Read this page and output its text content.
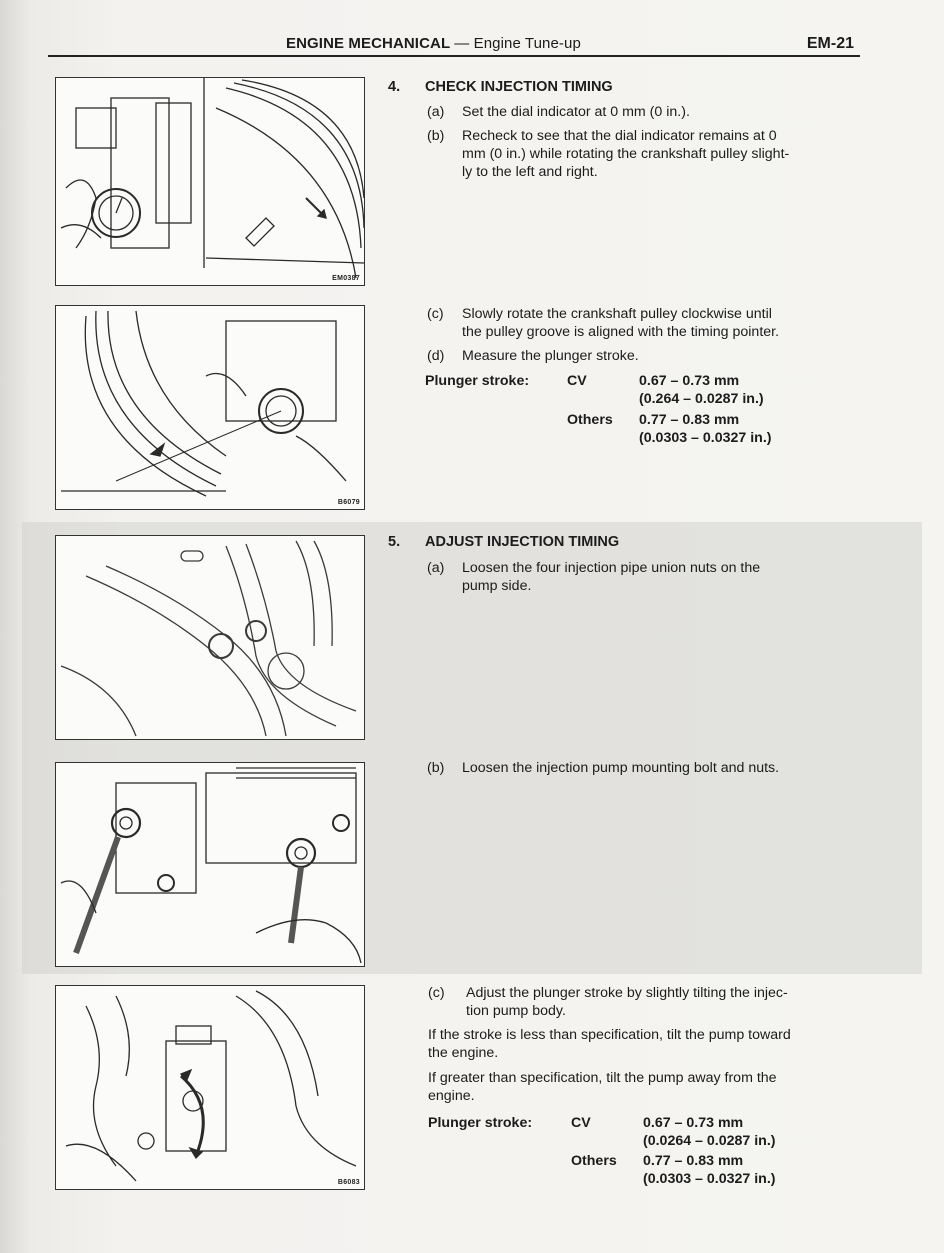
ENGINE MECHANICAL — Engine Tune-up	EM-21
EM0387
B6079
B6083
4. CHECK INJECTION TIMING
(a) Set the dial indicator at 0 mm (0 in.).
(b) Recheck to see that the dial indicator remains at 0
mm (0 in.) while rotating the crankshaft pulley slight-
ly to the left and right.
(c) Slowly rotate the crankshaft pulley clockwise until
the pulley groove is aligned with the timing pointer.
(d) Measure the plunger stroke.
Plunger stroke:	CV	0.67 – 0.73 mm
(0.264 – 0.0287 in.)
Others 0.77 – 0.83 mm
(0.0303 – 0.0327 in.)
5. ADJUST INJECTION TIMING
(a) Loosen the four injection pipe union nuts on the
pump side.
(b) Loosen the injection pump mounting bolt and nuts.
(c) Adjust the plunger stroke by slightly tilting the injec-
tion pump body.
If the stroke is less than specification, tilt the pump toward
the engine.
If greater than specification, tilt the pump away from the
engine.
Plunger stroke:	CV	0.67 – 0.73 mm
(0.0264 – 0.0287 in.)
Others 0.77 – 0.83 mm
(0.0303 – 0.0327 in.)
